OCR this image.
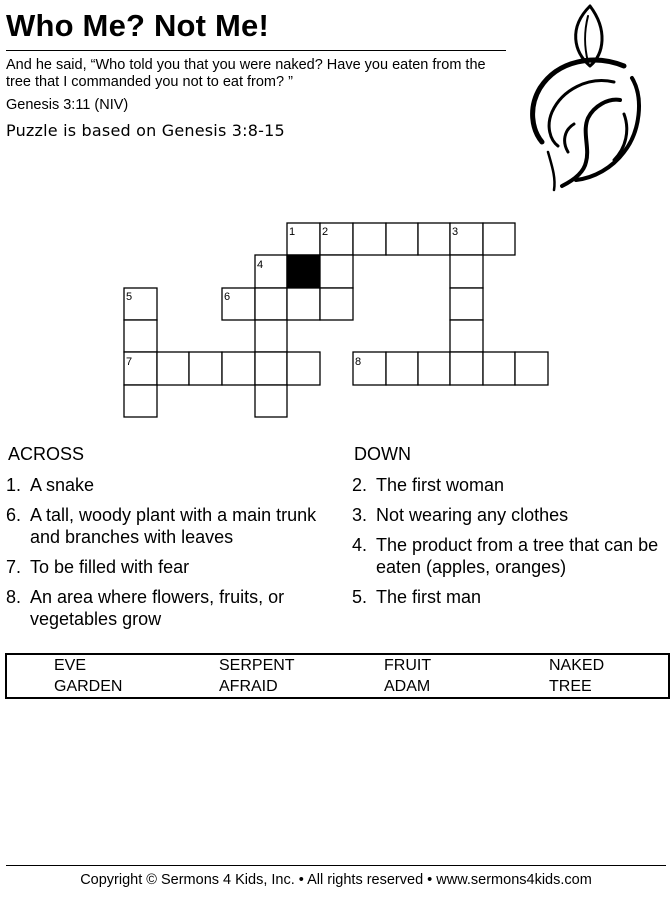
Who Me? Not Me!
And he said, “Who told you that you were naked? Have you eaten from the tree that I commanded you not to eat from? ”
Genesis 3:11 (NIV)
Puzzle is based on Genesis 3:8-15
1 2	3
4
5	6
7	8
ACROSS
1. A snake
6. A tall, woody plant with a main trunk and branches with leaves
7. To be filled with fear
8. An area where flowers, fruits, or vegetables grow
DOWN
2. The first woman
3. Not wearing any clothes
4. The product from a tree that can be eaten (apples, oranges)
5. The first man
EVE	SERPENT	FRUIT	NAKED
GARDEN	AFRAID	ADAM	TREE
Copyright © Sermons 4 Kids, Inc. • All rights reserved • www.sermons4kids.com
